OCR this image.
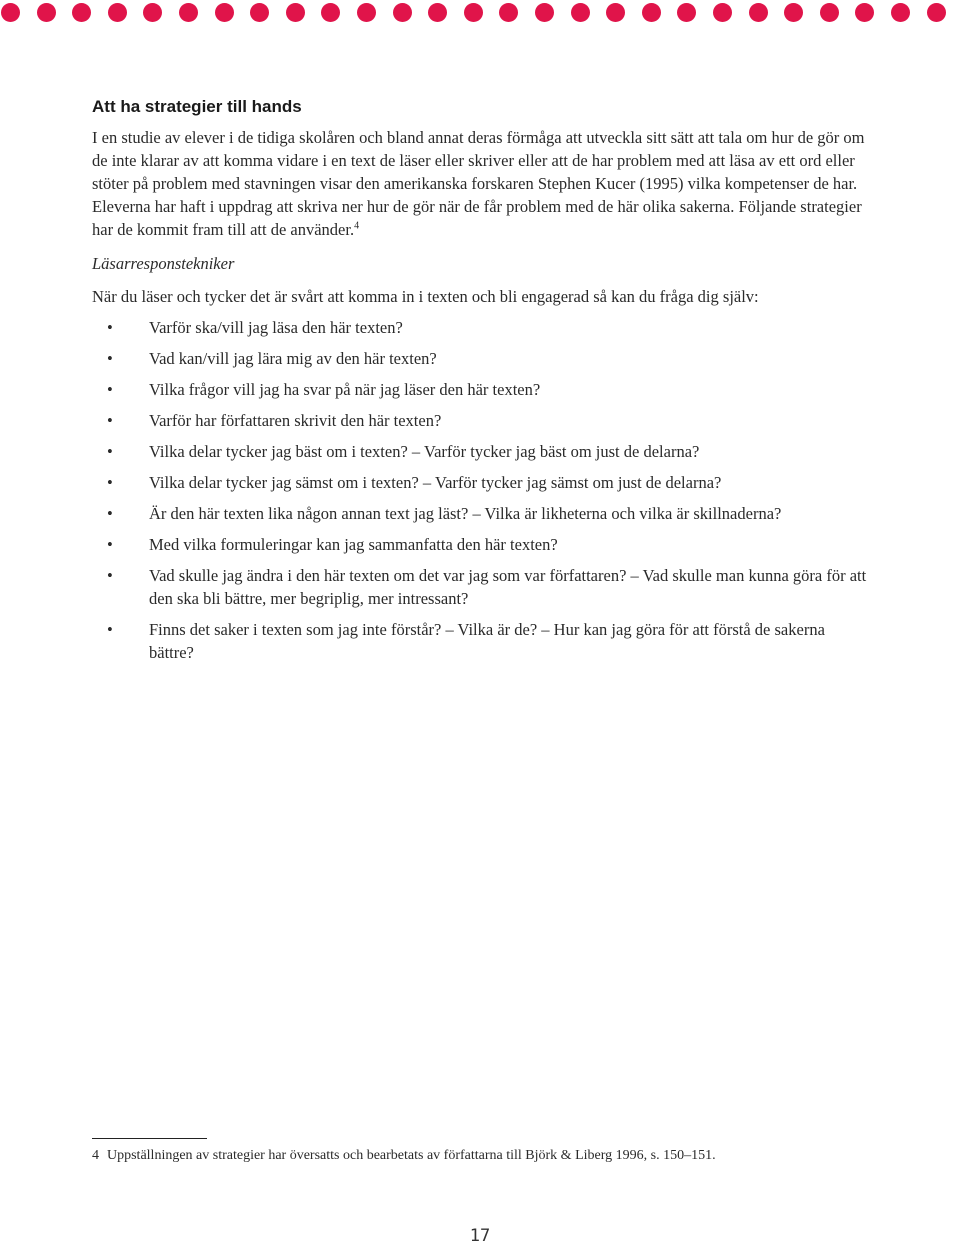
Att ha strategier till hands

I en studie av elever i de tidiga skolåren och bland annat deras förmåga att utveckla sitt sätt att tala om hur de gör om de inte klarar av att komma vidare i en text de läser eller skriver eller att de har problem med att läsa av ett ord eller stöter på problem med stavningen visar den amerikanska forskaren Stephen Kucer (1995) vilka kompetenser de har. Eleverna har haft i uppdrag att skriva ner hur de gör när de får problem med de här olika sakerna. Följande strategier har de kommit fram till att de använder.$^4$

Läsarresponstekniker

När du läser och tycker det är svårt att komma in i texten och bli engagerad så kan du fråga dig själv:

• Varför ska/vill jag läsa den här texten?
• Vad kan/vill jag lära mig av den här texten?
• Vilka frågor vill jag ha svar på när jag läser den här texten?
• Varför har författaren skrivit den här texten?
• Vilka delar tycker jag bäst om i texten? – Varför tycker jag bäst om just de delarna?
• Vilka delar tycker jag sämst om i texten? – Varför tycker jag sämst om just de delarna?
• Är den här texten lika någon annan text jag läst? – Vilka är likheterna och vilka är skillnaderna?
• Med vilka formuleringar kan jag sammanfatta den här texten?
• Vad skulle jag ändra i den här texten om det var jag som var författaren? – Vad skulle man kunna göra för att den ska bli bättre, mer begriplig, mer intressant?
• Finns det saker i texten som jag inte förstår? – Vilka är de? – Hur kan jag göra för att förstå de sakerna bättre?
4 Uppställningen av strategier har översatts och bearbetats av författarna till Björk & Liberg 1996, s. 150–151.
17
